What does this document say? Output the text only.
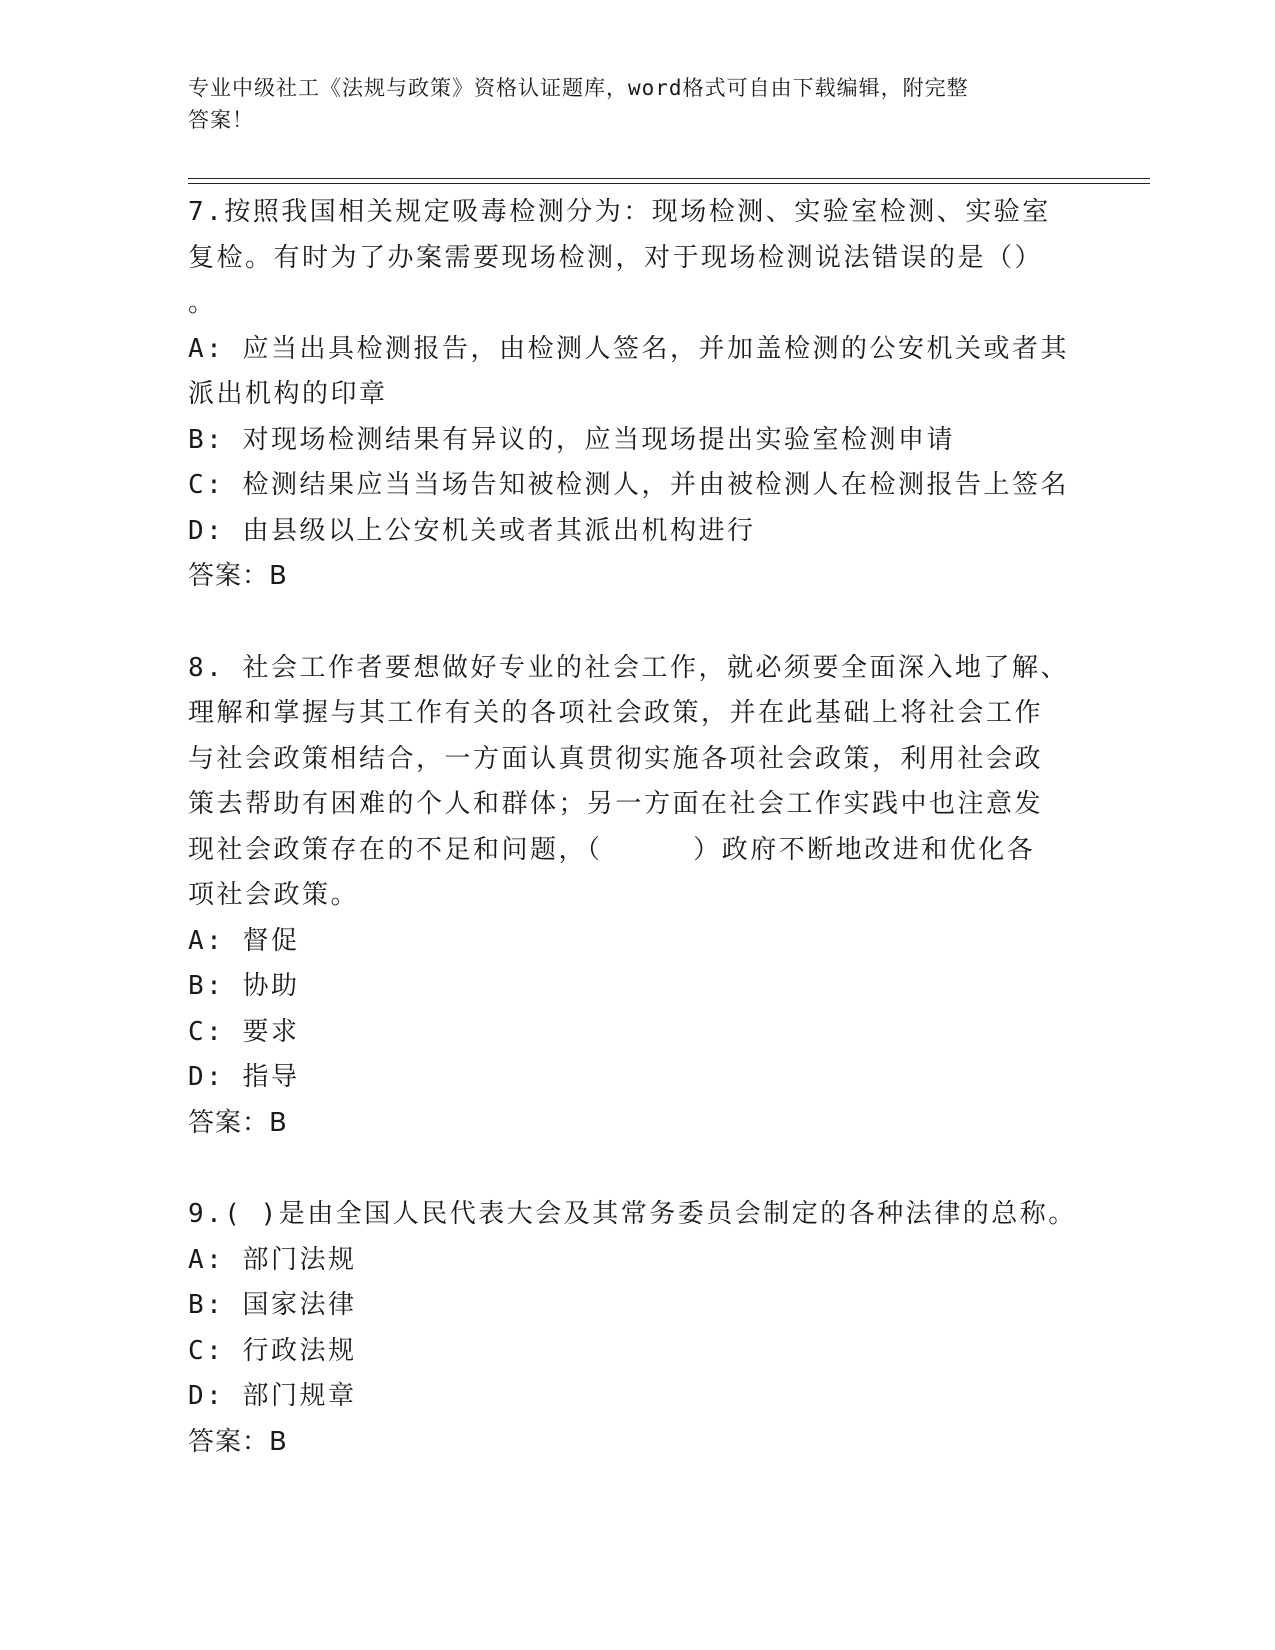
专业中级社工《法规与政策》资格认证题库，word格式可自由下载编辑，附完整
答案！
7.按照我国相关规定吸毒检测分为：现场检测、实验室检测、实验室
复检。有时为了办案需要现场检测，对于现场检测说法错误的是（）
。
A: 应当出具检测报告，由检测人签名，并加盖检测的公安机关或者其
派出机构的印章
B: 对现场检测结果有异议的，应当现场提出实验室检测申请
C: 检测结果应当当场告知被检测人，并由被检测人在检测报告上签名
D: 由县级以上公安机关或者其派出机构进行
答案：B
8. 社会工作者要想做好专业的社会工作，就必须要全面深入地了解、
理解和掌握与其工作有关的各项社会政策，并在此基础上将社会工作
与社会政策相结合，一方面认真贯彻实施各项社会政策，利用社会政
策去帮助有困难的个人和群体；另一方面在社会工作实践中也注意发
现社会政策存在的不足和问题，（     ）政府不断地改进和优化各
项社会政策。
A: 督促
B: 协助
C: 要求
D: 指导
答案：B
9.( )是由全国人民代表大会及其常务委员会制定的各种法律的总称。
A: 部门法规
B: 国家法律
C: 行政法规
D: 部门规章
答案：B
